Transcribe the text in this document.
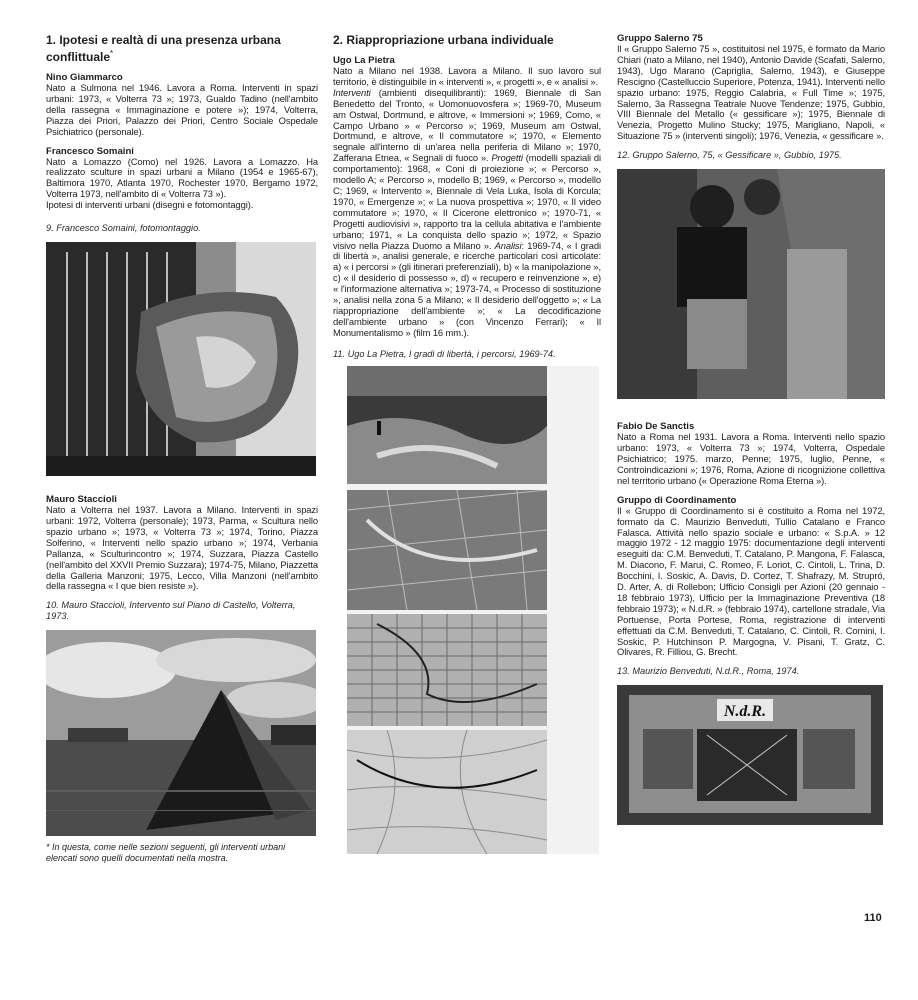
1. Ipotesi e realtà di una presenza urbana conflittuale*

Nino Giammarco

Nato a Sulmona nel 1946. Lavora a Roma. Interventi in spazi urbani: 1973, « Volterra 73 »; 1973, Gualdo Tadino (nell'ambito della rassegna « Immaginazione e potere »); 1974, Volterra, Piazza dei Priori, Palazzo dei Priori, Centro Sociale Ospedale Psichiatrico (personale).

Francesco Somaini

Nato a Lomazzo (Como) nel 1926. Lavora a Lomazzo. Ha realizzato sculture in spazi urbani a Milano (1954 e 1965-67), Baltimora 1970, Atlanta 1970, Rochester 1970, Bergamo 1972, Volterra 1973, nell'ambito di « Volterra 73 »).

Ipotesi di interventi urbani (disegni e fotomontaggi).

9. Francesco Somaini, fotomontaggio.

Mauro Staccioli

Nato a Volterra nel 1937. Lavora a Milano. Interventi in spazi urbani: 1972, Volterra (personale); 1973, Parma, « Scultura nello spazio urbano »; 1973, « Volterra 73 »; 1974, Torino, Piazza Solferino, « Interventi nello spazio urbano »; 1974, Verbania Pallanza, « Sculturincontro »; 1974, Suzzara, Piazza Castello (nell'ambito del XXVII Premio Suzzara); 1974-75, Milano, Piazzetta della Galleria Manzoni; 1975, Lecco, Villa Manzoni (nell'ambito della rassegna « I que bien resiste »).

10. Mauro Staccioli, Intervento sul Piano di Castello, Volterra, 1973.

* In questa, come nelle sezioni seguenti, gli interventi urbani elencati sono quelli documentati nella mostra.

2. Riappropriazione urbana individuale

Ugo La Pietra

Nato a Milano nel 1938. Lavora a Milano. Il suo lavoro sul territorio, è distinguibile in « interventi », « progetti », e « analisi ».

Interventi (ambienti disequilibranti): 1969, Biennale di San Benedetto del Tronto, « Uomonuovosfera »; 1969-70, Museum am Ostwal, Dortmund, e altrove, « Immersioni »; 1969, Como, « Campo Urbano » « Percorso »; 1969, Museum am Ostwal, Dortmund, e altrove, « Il commutatore »; 1970, « Elemento segnale all'interno di un'area nella periferia di Milano »; 1970, Zafferana Etnea, « Segnali di fuoco ». Progetti (modelli spaziali di comportamento): 1968, « Coni di proiezione »; « Percorso », modello A; « Percorso », modello B; 1969, « Percorso », modello C; 1969, « Intervento », Biennale di Vela Luka, Isola di Korcula; 1970, « Emergenze »; « La nuova prospettiva »; 1970, « Il video commutatore »; 1970, « Il Cicerone elettronico »; 1970-71, « Progetti audiovisivi », rapporto tra la cellula abitativa e l'ambiente urbano; 1971, « La conquista dello spazio »; 1972, « Spazio visivo nella Piazza Duomo a Milano ». Analisi: 1969-74, « I gradi di libertà », analisi generale, e ricerche particolari così articolate: a) « i percorsi » (gli itinerari preferenziali), b) « la manipolazione », c) « il desiderio di possesso », d) « recupero e reinvenzione », e) « l'informazione alternativa »; 1973-74, « Processo di sostituzione », analisi nella zona 5 a Milano; « Il desiderio dell'oggetto »; « La riappropriazione dell'ambiente »; « La decodificazione dell'ambiente urbano » (con Vincenzo Ferrari); « Il Monumentalismo » (film 16 mm.).

11. Ugo La Pietra, I gradi di libertà, i percorsi, 1969-74.

Gruppo Salerno 75

Il « Gruppo Salerno 75 », costituitosi nel 1975, è formato da Mario Chiari (nato a Milano, nel 1940), Antonio Davide (Scafati, Salerno, 1943), Ugo Marano (Capriglia, Salerno, 1943), e Giuseppe Rescigno (Castelluccio Superiore, Potenza, 1941). Interventi nello spazio urbano: 1975, Reggio Calabria, « Full Time »; 1975, Salerno, 3a Rassegna Teatrale Nuove Tendenze; 1975, Gubbio, VIII Biennale del Metallo (« gessificare »); 1975, Biennale di Venezia, Progetto Mulino Stucky; 1975, Marigliano, Napoli, « Situazione 75 » (interventi singoli); 1976, Venezia, « gessificare ».

12. Gruppo Salerno, 75, « Gessificare », Gubbio, 1975.

Fabio De Sanctis

Nato a Roma nel 1931. Lavora a Roma. Interventi nello spazio urbano: 1973, « Volterra 73 »; 1974, Volterra, Ospedale Psichiatrico; 1975. marzo, Penne; 1975, luglio, Penne, « Controindicazioni »; 1976, Roma, Azione di ricognizione collettiva nel territorio urbano (« Operazione Roma Eterna »).

Gruppo di Coordinamento

Il « Gruppo di Coordinamento si è costituito a Roma nel 1972, formato da C. Maurizio Benveduti, Tullio Catalano e Franco Falasca. Attività nello spazio sociale e urbano: « S.p.A. » 12 maggio 1972 - 12 maggio 1975: documentazione degli interventi eseguiti da: C.M. Benveduti, T. Catalano, P. Mangona, F. Falasca, M. Diacono, F. Marui, C. Romeo, F. Loriot, C. Cintoli, L. Trina, D. Bocchini, I. Soskic, A. Davis, D. Cortez, T. Shafrazy, M. Strupró, D. Arter, A. di Rollebon; Ufficio Consigli per Azioni (20 gennaio - 18 febbraio 1973), Ufficio per la Immaginazione Preventiva (18 febbraio 1973); « N.d.R. » (febbraio 1974), cartellone stradale, Via Portuense, Porta Portese, Roma, registrazione di interventi effettuati da C.M. Benveduti, T. Catalano, C. Cintoli, R. Comini, I. Soskic, P. Hutchinson P. Margogna, V. Pisani, T. Gratz, C. Olivares, R. Filliou, G. Brecht.

13. Maurizio Benveduti, N.d.R., Roma, 1974.

N.d.R.
110
